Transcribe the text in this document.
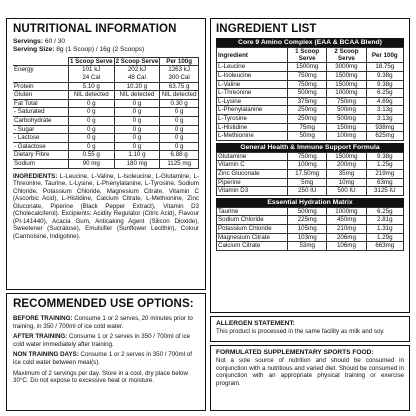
NUTRITIONAL INFORMATION
Servings: 60 / 30
Serving Size: 8g (1 Scoop) / 16g (2 Scoops)
	1 Scoop Serve	2 Scoop Serve	Per 100g
Energy	101 kJ	202 kJ	1263 kJ
	24 Cal	48 Cal	300 Cal
Protein	5.10 g	10.20 g	63.75 g
Gluten	NIL detected	NIL detected	NIL detected
Fat Total	0 g	0 g	0.30 g
- Saturated	0 g	0 g	0 g
Carbohydrate	0 g	0 g	0 g
- Sugar	0 g	0 g	0 g
- Lactose	0 g	0 g	0 g
- Galactose	0 g	0 g	0 g
Dietary Fibre	0.55 g	1.10 g	6.88 g
Sodium	90 mg	180 mg	1125 mg
INGREDIENTS: L-Leucine, L-Valine, L-Isoleucine, L-Glutamine, L-Threonine, Taurine, L-Lysine, L-Phenylalanine, L-Tyrosine, Sodium Chloride, Potassium Chloride, Magnesium Citrate, Vitamin C (Ascorbic Acid), L-Histidine, Calcium Citrate, L-Methionine, Zinc Gluconate, Piperine (Black Pepper Extract), Vitamin D3 (Cholecalciferol). Excipients: Acidity Regulator (Citric Acid), Flavour (PI-141440), Acacia Gum, Anticaking Agent (Silicon Dioxide), Sweetener (Sucralose), Emulsifier (Sunflower Lecithin), Colour (Carmoisine, Indigotine).
RECOMMENDED USE OPTIONS:
BEFORE TRAINING: Consume 1 or 2 serves, 20 minutes prior to training, in 350 / 700ml of ice cold water.
AFTER TRAINING: Consume 1 or 2 serves in 350 / 700ml of ice cold water immediately after training.
NON TRAINING DAYS: Consume 1 or 2 serves in 350 / 700ml of ice cold water between meal(s).
Maximum of 2 servings per day. Store in a cool, dry place below 30°C. Do not expose to excessive heat or moisture.
INGREDIENT LIST
Core 9 Amino Complex (EAA & BCAA Blend)
Ingredient	1 Scoop Serve	2 Scoop Serve	Per 100g
L-Leucine	1500mg	3000mg	18.75g
L-Isoleucine	750mg	1500mg	9.38g
L-Valine	750mg	1500mg	9.38g
L-Threonine	500mg	1000mg	6.25g
L-Lysine	375mg	750mg	4.69g
L-Phenylalanine	250mg	500mg	3.13g
L-Tyrosine	250mg	500mg	3.13g
L-Histidine	75mg	150mg	938mg
L-Methionine	50mg	100mg	625mg
General Health & Immune Support Formula
Glutamine	750mg	1500mg	9.38g
Vitamin C	100mg	200mg	1.25g
Zinc Gluconate	17.50mg	35mg	219mg
Piperine	5mg	10mg	63mg
Vitamin D3	250 IU	500 IU	3125 IU
Essential Hydration Matrix
Taurine	500mg	1000mg	6.25g
Sodium Chloride	225mg	450mg	2.81g
Potassium Chloride	105mg	210mg	1.31g
Magnesium Citrate	103mg	206mg	1.29g
Calcium Citrate	53mg	106mg	663mg
ALLERGEN STATEMENT:
This product is processed in the same facility as milk and soy.
FORMULATED SUPPLEMENTARY SPORTS FOOD:
Not a sole source of nutrition and should be consumed in conjunction with a nutritious and varied diet. Should be consumed in conjunction with an appropriate physical training or exercise program.
